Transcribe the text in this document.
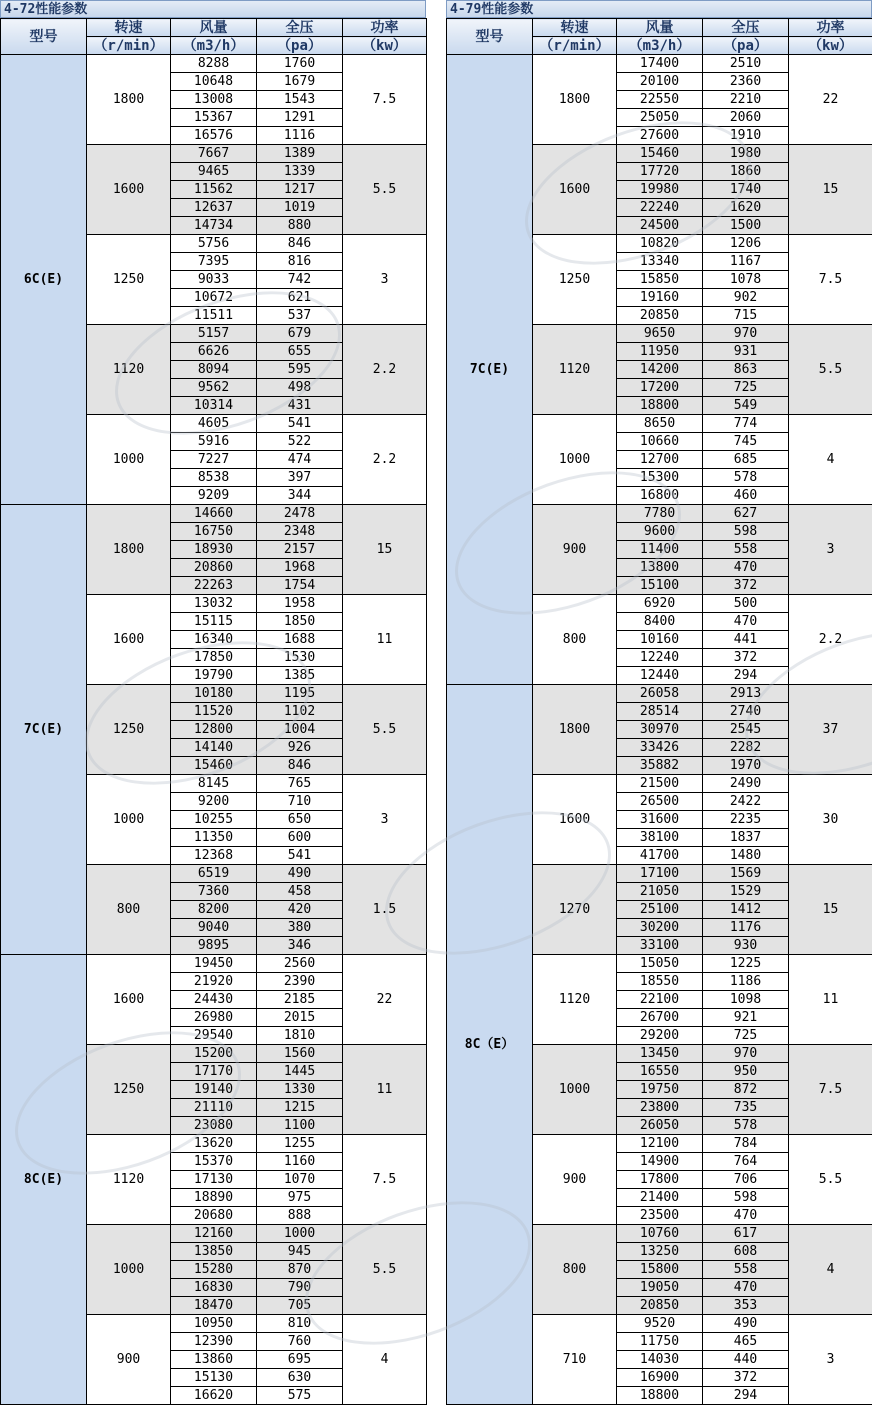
4-72性能参数
型号	转速	风量	全压	功率
	（r/min）	（m3/h）	（pa）	（kw）
6C(E)	1800	8288	1760	7.5
		10648	1679	
		13008	1543	
		15367	1291	
		16576	1116	
	1600	7667	1389	5.5
		9465	1339	
		11562	1217	
		12637	1019	
		14734	880	
	1250	5756	846	3
		7395	816	
		9033	742	
		10672	621	
		11511	537	
	1120	5157	679	2.2
		6626	655	
		8094	595	
		9562	498	
		10314	431	
	1000	4605	541	2.2
		5916	522	
		7227	474	
		8538	397	
		9209	344	
7C(E)	1800	14660	2478	15
		16750	2348	
		18930	2157	
		20860	1968	
		22263	1754	
	1600	13032	1958	11
		15115	1850	
		16340	1688	
		17850	1530	
		19790	1385	
	1250	10180	1195	5.5
		11520	1102	
		12800	1004	
		14140	926	
		15460	846	
	1000	8145	765	3
		9200	710	
		10255	650	
		11350	600	
		12368	541	
	800	6519	490	1.5
		7360	458	
		8200	420	
		9040	380	
		9895	346	
8C(E)	1600	19450	2560	22
		21920	2390	
		24430	2185	
		26980	2015	
		29540	1810	
	1250	15200	1560	11
		17170	1445	
		19140	1330	
		21110	1215	
		23080	1100	
	1120	13620	1255	7.5
		15370	1160	
		17130	1070	
		18890	975	
		20680	888	
	1000	12160	1000	5.5
		13850	945	
		15280	870	
		16830	790	
		18470	705	
	900	10950	810	4
		12390	760	
		13860	695	
		15130	630	
		16620	575	
4-79性能参数
型号	转速	风量	全压	功率
	（r/min）	（m3/h）	（pa）	（kw）
7C(E)	1800	17400	2510	22
		20100	2360	
		22550	2210	
		25050	2060	
		27600	1910	
	1600	15460	1980	15
		17720	1860	
		19980	1740	
		22240	1620	
		24500	1500	
	1250	10820	1206	7.5
		13340	1167	
		15850	1078	
		19160	902	
		20850	715	
	1120	9650	970	5.5
		11950	931	
		14200	863	
		17200	725	
		18800	549	
	1000	8650	774	4
		10660	745	
		12700	685	
		15300	578	
		16800	460	
	900	7780	627	3
		9600	598	
		11400	558	
		13800	470	
		15100	372	
	800	6920	500	2.2
		8400	470	
		10160	441	
		12240	372	
		12440	294	
8C（E）	1800	26058	2913	37
		28514	2740	
		30970	2545	
		33426	2282	
		35882	1970	
	1600	21500	2490	30
		26500	2422	
		31600	2235	
		38100	1837	
		41700	1480	
	1270	17100	1569	15
		21050	1529	
		25100	1412	
		30200	1176	
		33100	930	
	1120	15050	1225	11
		18550	1186	
		22100	1098	
		26700	921	
		29200	725	
	1000	13450	970	7.5
		16550	950	
		19750	872	
		23800	735	
		26050	578	
	900	12100	784	5.5
		14900	764	
		17800	706	
		21400	598	
		23500	470	
	800	10760	617	4
		13250	608	
		15800	558	
		19050	470	
		20850	353	
	710	9520	490	3
		11750	465	
		14030	440	
		16900	372	
		18800	294	
